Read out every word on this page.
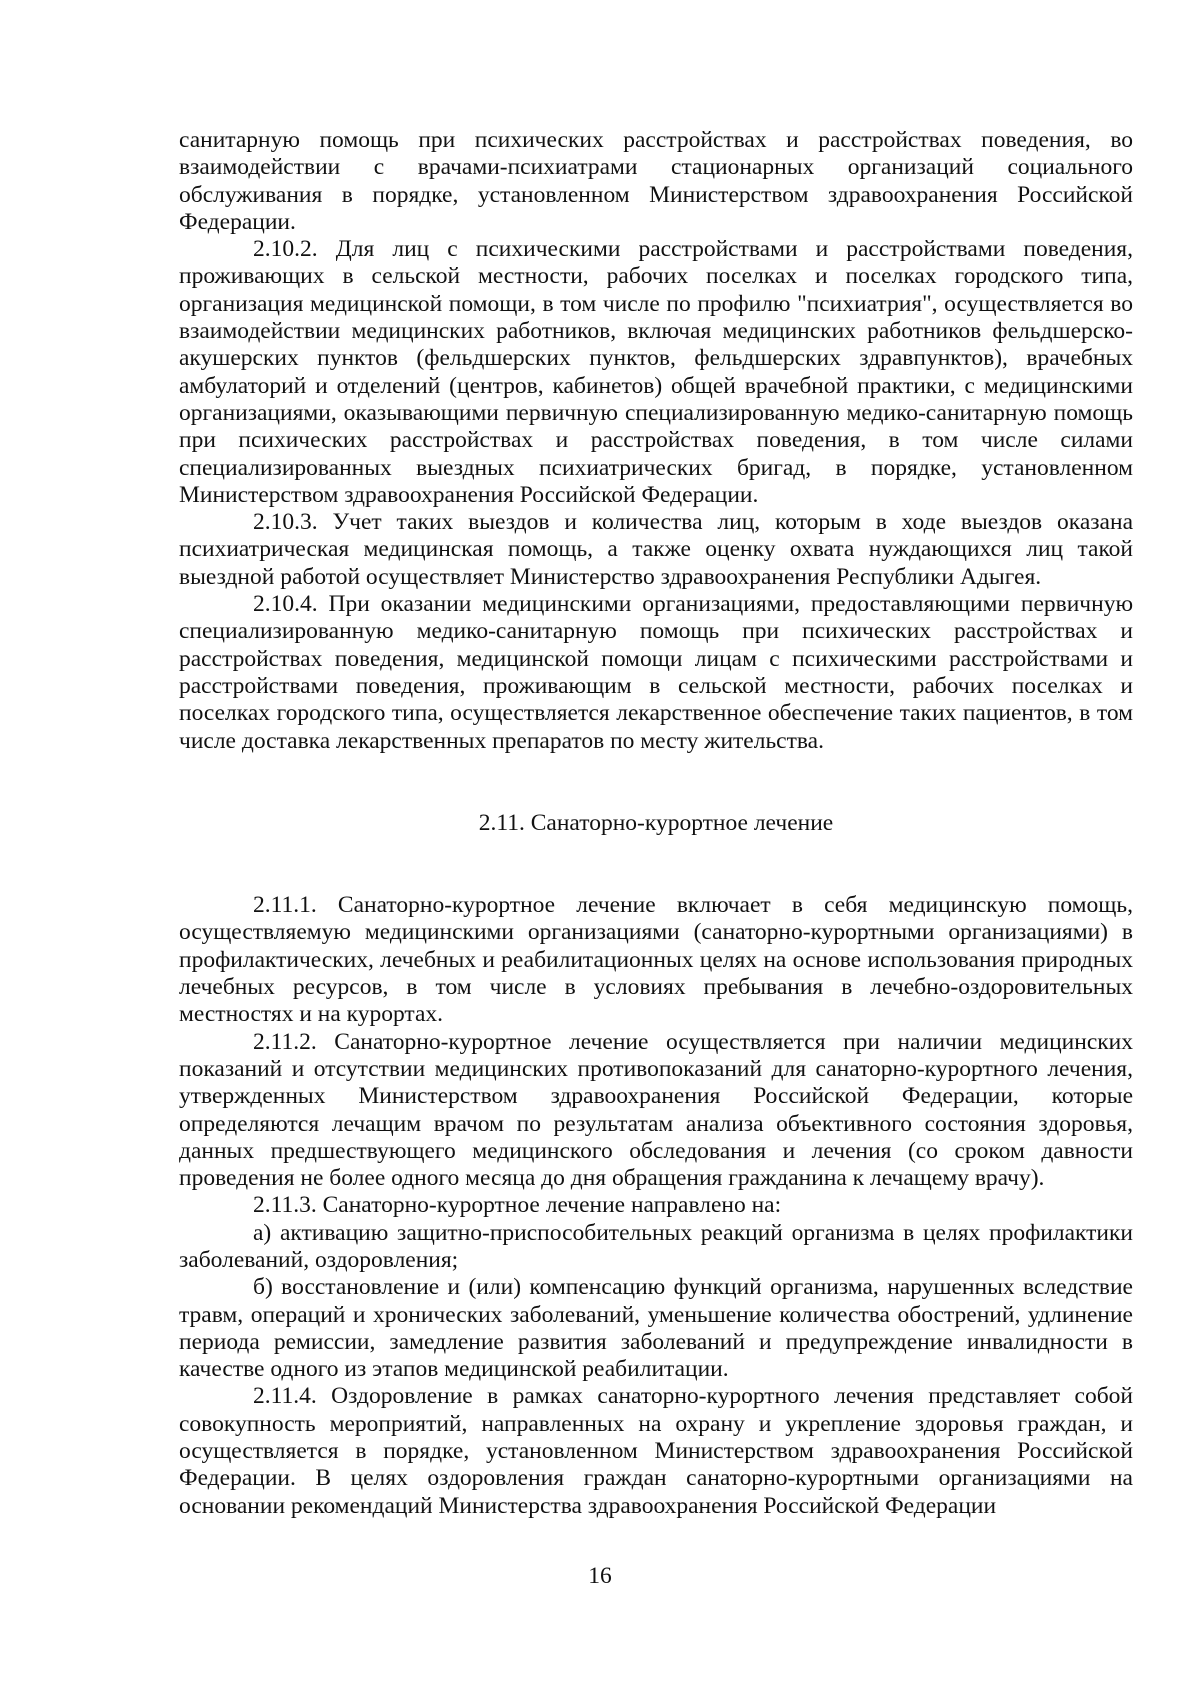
санитарную помощь при психических расстройствах и расстройствах поведения, во взаимодействии с врачами-психиатрами стационарных организаций социального обслуживания в порядке, установленном Министерством здравоохранения Российской Федерации.

2.10.2. Для лиц с психическими расстройствами и расстройствами поведения, проживающих в сельской местности, рабочих поселках и поселках городского типа, организация медицинской помощи, в том числе по профилю "психиатрия", осуществляется во взаимодействии медицинских работников, включая медицинских работников фельдшерско-акушерских пунктов (фельдшерских пунктов, фельдшерских здравпунктов), врачебных амбулаторий и отделений (центров, кабинетов) общей врачебной практики, с медицинскими организациями, оказывающими первичную специализированную медико-санитарную помощь при психических расстройствах и расстройствах поведения, в том числе силами специализированных выездных психиатрических бригад, в порядке, установленном Министерством здравоохранения Российской Федерации.

2.10.3. Учет таких выездов и количества лиц, которым в ходе выездов оказана психиатрическая медицинская помощь, а также оценку охвата нуждающихся лиц такой выездной работой осуществляет Министерство здравоохранения Республики Адыгея.

2.10.4. При оказании медицинскими организациями, предоставляющими первичную специализированную медико-санитарную помощь при психических расстройствах и расстройствах поведения, медицинской помощи лицам с психическими расстройствами и расстройствами поведения, проживающим в сельской местности, рабочих поселках и поселках городского типа, осуществляется лекарственное обеспечение таких пациентов, в том числе доставка лекарственных препаратов по месту жительства.

2.11. Санаторно-курортное лечение

2.11.1. Санаторно-курортное лечение включает в себя медицинскую помощь, осуществляемую медицинскими организациями (санаторно-курортными организациями) в профилактических, лечебных и реабилитационных целях на основе использования природных лечебных ресурсов, в том числе в условиях пребывания в лечебно-оздоровительных местностях и на курортах.

2.11.2. Санаторно-курортное лечение осуществляется при наличии медицинских показаний и отсутствии медицинских противопоказаний для санаторно-курортного лечения, утвержденных Министерством здравоохранения Российской Федерации, которые определяются лечащим врачом по результатам анализа объективного состояния здоровья, данных предшествующего медицинского обследования и лечения (со сроком давности проведения не более одного месяца до дня обращения гражданина к лечащему врачу).

2.11.3. Санаторно-курортное лечение направлено на:

а) активацию защитно-приспособительных реакций организма в целях профилактики заболеваний, оздоровления;

б) восстановление и (или) компенсацию функций организма, нарушенных вследствие травм, операций и хронических заболеваний, уменьшение количества обострений, удлинение периода ремиссии, замедление развития заболеваний и предупреждение инвалидности в качестве одного из этапов медицинской реабилитации.

2.11.4. Оздоровление в рамках санаторно-курортного лечения представляет собой совокупность мероприятий, направленных на охрану и укрепление здоровья граждан, и осуществляется в порядке, установленном Министерством здравоохранения Российской Федерации. В целях оздоровления граждан санаторно-курортными организациями на основании рекомендаций Министерства здравоохранения Российской Федерации

16
